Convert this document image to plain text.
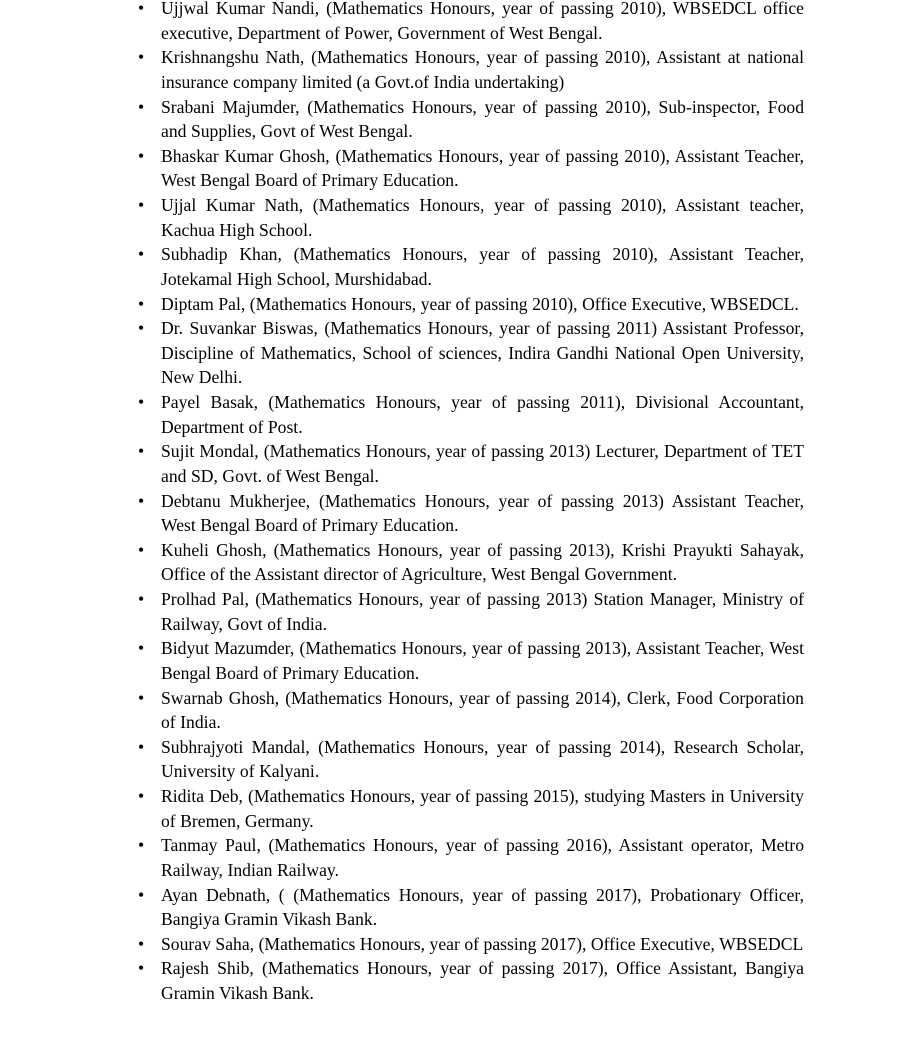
• Ujjwal Kumar Nandi, (Mathematics Honours, year of passing 2010), WBSEDCL office executive, Department of Power, Government of West Bengal.
• Krishnangshu Nath, (Mathematics Honours, year of passing 2010), Assistant at national insurance company limited (a Govt.of India undertaking)
• Srabani Majumder, (Mathematics Honours, year of passing 2010), Sub-inspector, Food and Supplies, Govt of West Bengal.
• Bhaskar Kumar Ghosh, (Mathematics Honours, year of passing 2010), Assistant Teacher, West Bengal Board of Primary Education.
• Ujjal Kumar Nath, (Mathematics Honours, year of passing 2010), Assistant teacher, Kachua High School.
• Subhadip Khan, (Mathematics Honours, year of passing 2010), Assistant Teacher, Jotekamal High School, Murshidabad.
• Diptam Pal, (Mathematics Honours, year of passing 2010), Office Executive, WBSEDCL.
• Dr. Suvankar Biswas, (Mathematics Honours, year of passing 2011) Assistant Professor, Discipline of Mathematics, School of sciences, Indira Gandhi National Open University, New Delhi.
• Payel Basak, (Mathematics Honours, year of passing 2011), Divisional Accountant, Department of Post.
• Sujit Mondal, (Mathematics Honours, year of passing 2013) Lecturer, Department of TET and SD, Govt. of West Bengal.
• Debtanu Mukherjee, (Mathematics Honours, year of passing 2013) Assistant Teacher, West Bengal Board of Primary Education.
• Kuheli Ghosh, (Mathematics Honours, year of passing 2013), Krishi Prayukti Sahayak, Office of the Assistant director of Agriculture, West Bengal Government.
• Prolhad Pal, (Mathematics Honours, year of passing 2013) Station Manager, Ministry of Railway, Govt of India.
• Bidyut Mazumder, (Mathematics Honours, year of passing 2013), Assistant Teacher, West Bengal Board of Primary Education.
• Swarnab Ghosh, (Mathematics Honours, year of passing 2014), Clerk, Food Corporation of India.
• Subhrajyoti Mandal, (Mathematics Honours, year of passing 2014), Research Scholar, University of Kalyani.
• Ridita Deb, (Mathematics Honours, year of passing 2015), studying Masters in University of Bremen, Germany.
• Tanmay Paul, (Mathematics Honours, year of passing 2016), Assistant operator, Metro Railway, Indian Railway.
• Ayan Debnath, ( (Mathematics Honours, year of passing 2017), Probationary Officer, Bangiya Gramin Vikash Bank.
• Sourav Saha, (Mathematics Honours, year of passing 2017), Office Executive, WBSEDCL
• Rajesh Shib, (Mathematics Honours, year of passing 2017), Office Assistant, Bangiya Gramin Vikash Bank.
